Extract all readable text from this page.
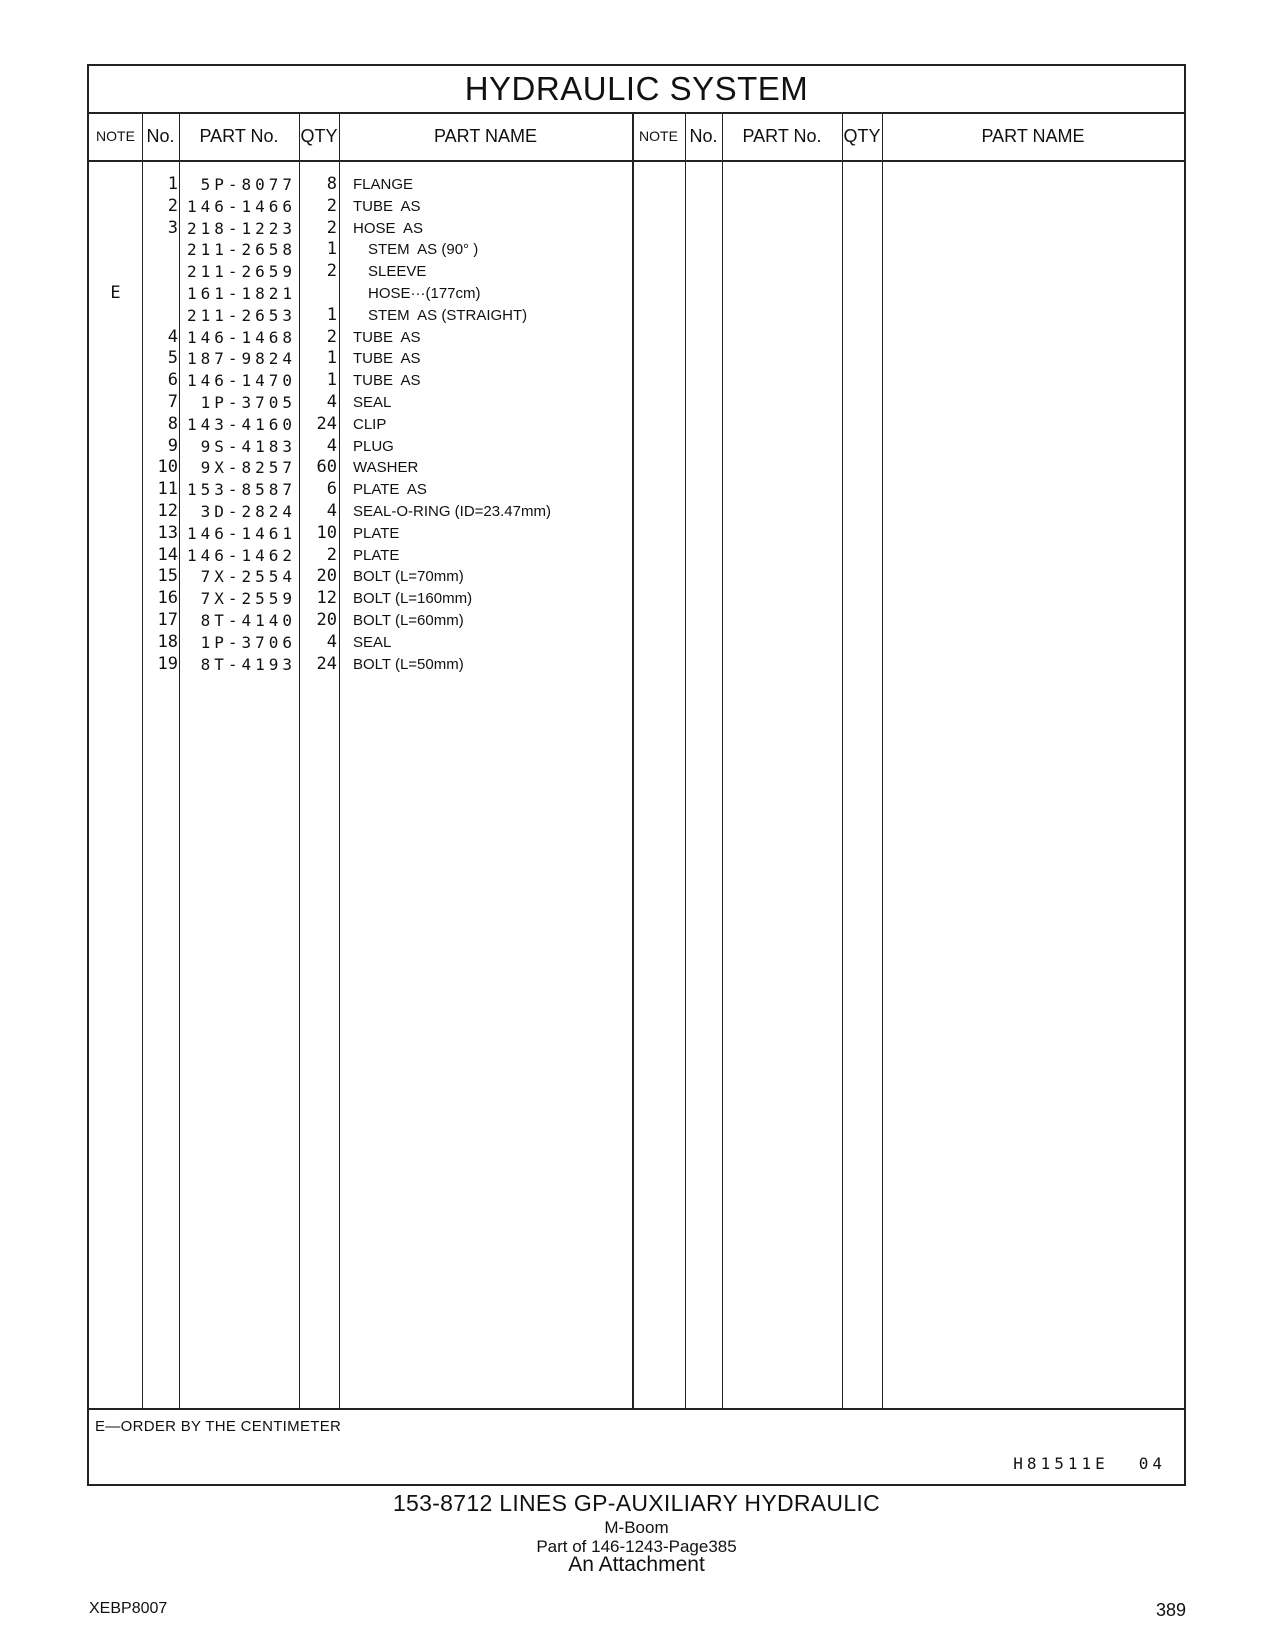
HYDRAULIC SYSTEM
NOTE No.	PART No.	QTY	PART NAME	NOTE No.	PART No.	QTY	PART NAME
1	5P-8077	8 FLANGE
2 146-1466	2 TUBE  AS
3 218-1223	2 HOSE  AS
211-2658	1 STEM  AS (90° )
211-2659	2 SLEEVE
E	161-1821	HOSE···(177cm)
211-2653	1 STEM  AS (STRAIGHT)
4 146-1468	2 TUBE  AS
5 187-9824	1 TUBE  AS
6 146-1470	1 TUBE  AS
7	1P-3705	4 SEAL
8 143-4160	24 CLIP
9	9S-4183	4 PLUG
10	9X-8257	60 WASHER
11 153-8587	6 PLATE  AS
12	3D-2824	4 SEAL-O-RING (ID=23.47mm)
13 146-1461	10 PLATE
14 146-1462	2 PLATE
15	7X-2554	20 BOLT (L=70mm)
16	7X-2559	12 BOLT (L=160mm)
17	8T-4140	20 BOLT (L=60mm)
18	1P-3706	4 SEAL
19	8T-4193	24 BOLT (L=50mm)
E—ORDER BY THE CENTIMETER
H81511E 04
153-8712 LINES GP-AUXILIARY HYDRAULIC
M-Boom
Part of 146-1243-Page385
An Attachment
XEBP8007	389
